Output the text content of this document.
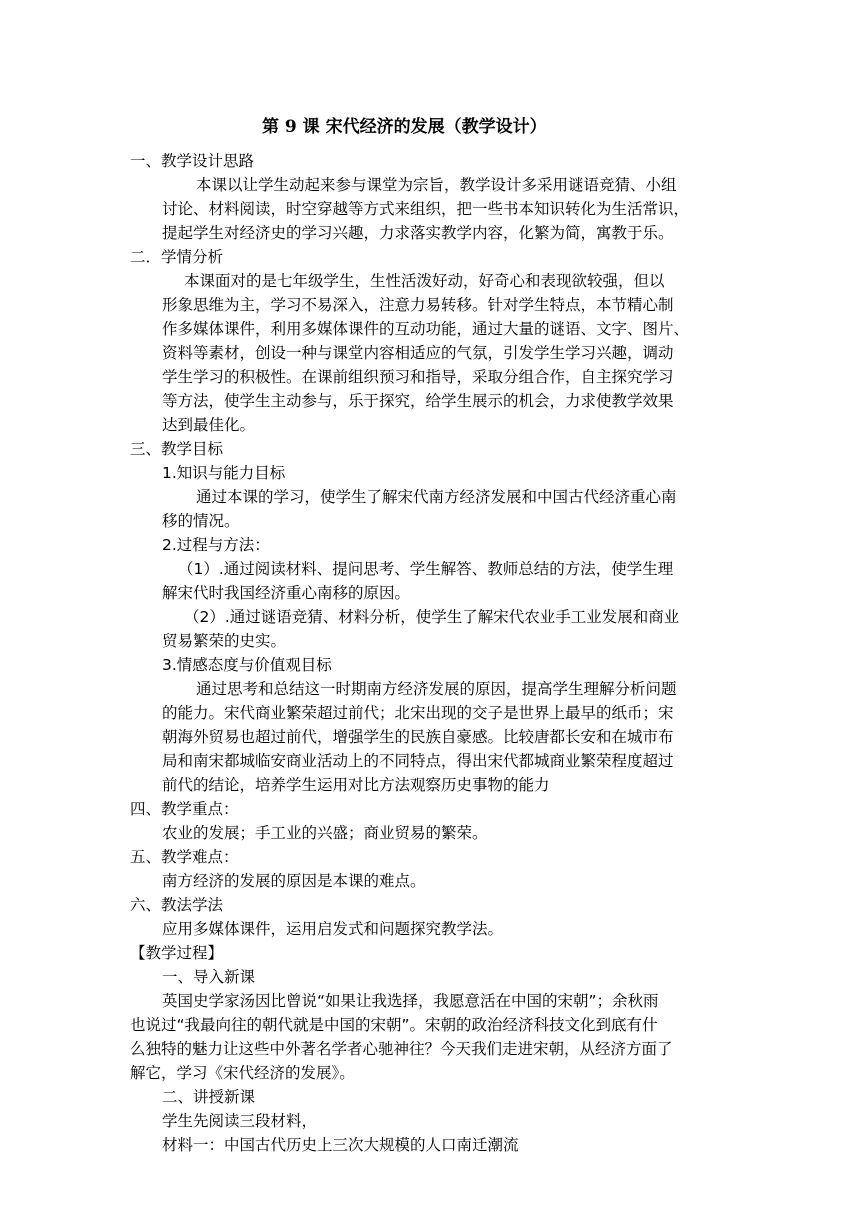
第 9 课 宋代经济的发展（教学设计）
一、教学设计思路
本课以让学生动起来参与课堂为宗旨，教学设计多采用谜语竞猜、小组
讨论、材料阅读，时空穿越等方式来组织，把一些书本知识转化为生活常识，
提起学生对经济史的学习兴趣，力求落实教学内容，化繁为简，寓教于乐。
二．学情分析
本课面对的是七年级学生，生性活泼好动，好奇心和表现欲较强，但以
形象思维为主，学习不易深入，注意力易转移。针对学生特点，本节精心制
作多媒体课件，利用多媒体课件的互动功能，通过大量的谜语、文字、图片、
资料等素材，创设一种与课堂内容相适应的气氛，引发学生学习兴趣，调动
学生学习的积极性。在课前组织预习和指导，采取分组合作，自主探究学习
等方法，使学生主动参与，乐于探究，给学生展示的机会，力求使教学效果
达到最佳化。
三、教学目标
1.知识与能力目标
通过本课的学习，使学生了解宋代南方经济发展和中国古代经济重心南
移的情况。
2.过程与方法：
（1）.通过阅读材料、提问思考、学生解答、教师总结的方法，使学生理
解宋代时我国经济重心南移的原因。
（2）.通过谜语竞猜、材料分析，使学生了解宋代农业手工业发展和商业
贸易繁荣的史实。
3.情感态度与价值观目标
通过思考和总结这一时期南方经济发展的原因，提高学生理解分析问题
的能力。宋代商业繁荣超过前代；北宋出现的交子是世界上最早的纸币；宋
朝海外贸易也超过前代，增强学生的民族自豪感。比较唐都长安和在城市布
局和南宋都城临安商业活动上的不同特点，得出宋代都城商业繁荣程度超过
前代的结论，培养学生运用对比方法观察历史事物的能力
四、教学重点：
农业的发展；手工业的兴盛；商业贸易的繁荣。
五、教学难点：
南方经济的发展的原因是本课的难点。
六、教法学法
应用多媒体课件，运用启发式和问题探究教学法。
【教学过程】
一、导入新课
英国史学家汤因比曾说“如果让我选择，我愿意活在中国的宋朝”；余秋雨
也说过“我最向往的朝代就是中国的宋朝”。宋朝的政治经济科技文化到底有什
么独特的魅力让这些中外著名学者心驰神往？今天我们走进宋朝，从经济方面了
解它，学习《宋代经济的发展》。
二、讲授新课
学生先阅读三段材料，
材料一：中国古代历史上三次大规模的人口南迁潮流
